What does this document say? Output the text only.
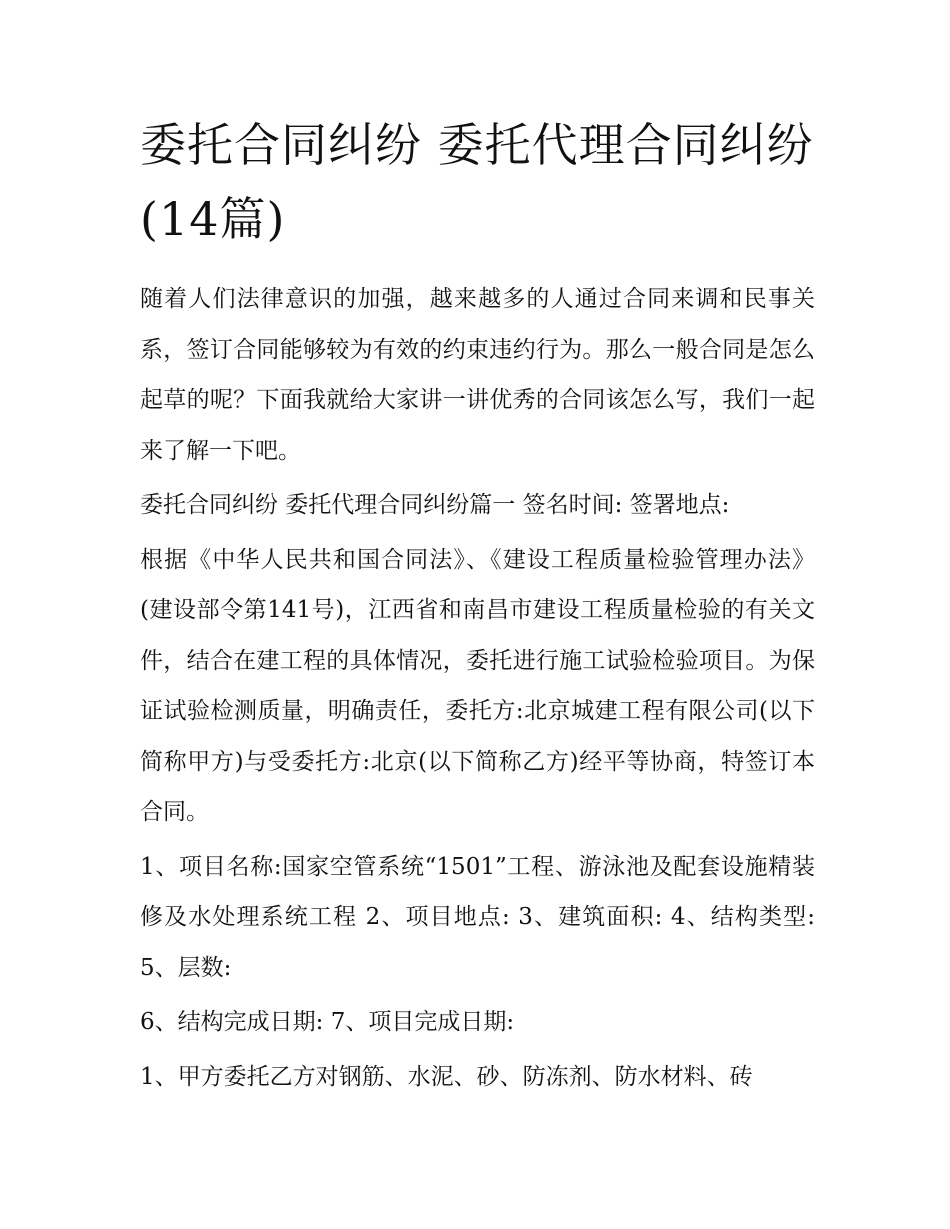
委托合同纠纷 委托代理合同纠纷(14篇)

随着人们法律意识的加强，越来越多的人通过合同来调和民事关系，签订合同能够较为有效的约束违约行为。那么一般合同是怎么起草的呢？下面我就给大家讲一讲优秀的合同该怎么写，我们一起来了解一下吧。

委托合同纠纷 委托代理合同纠纷篇一 签名时间: 签署地点:

根据《中华人民共和国合同法》、《建设工程质量检验管理办法》(建设部令第141号)，江西省和南昌市建设工程质量检验的有关文件，结合在建工程的具体情况，委托进行施工试验检验项目。为保证试验检测质量，明确责任，委托方:北京城建工程有限公司(以下简称甲方)与受委托方:北京(以下简称乙方)经平等协商，特签订本合同。

1、项目名称:国家空管系统“1501”工程、游泳池及配套设施精装修及水处理系统工程 2、项目地点: 3、建筑面积: 4、结构类型: 5、层数:

6、结构完成日期: 7、项目完成日期:

1、甲方委托乙方对钢筋、水泥、砂、防冻剂、防水材料、砖
